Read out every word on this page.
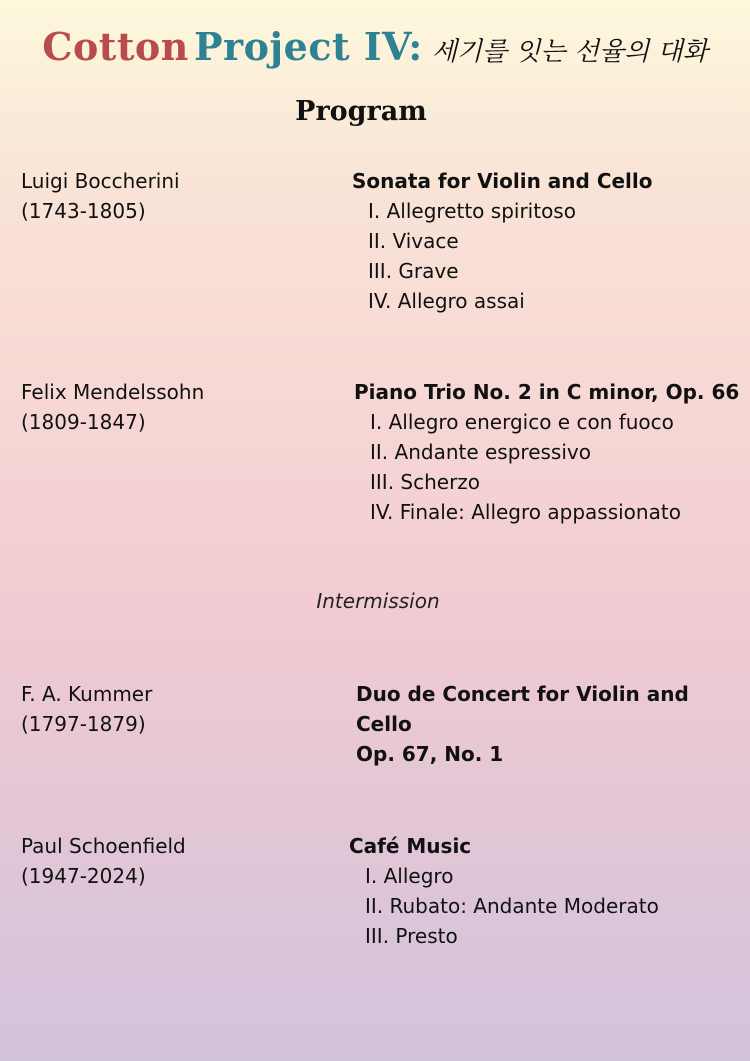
Cotton Project IV: 세기를 잇는 선율의 대화
Program
Luigi Boccherini
(1743-1805)
Sonata for Violin and Cello
I. Allegretto spiritoso
II. Vivace
III. Grave
IV. Allegro assai
Felix Mendelssohn
(1809-1847)
Piano Trio No. 2 in C minor, Op. 66
I. Allegro energico e con fuoco
II. Andante espressivo
III. Scherzo
IV. Finale: Allegro appassionato
Intermission
F. A. Kummer
(1797-1879)
Duo de Concert for Violin and Cello
Op. 67, No. 1
Paul Schoenfield
(1947-2024)
Café Music
I. Allegro
II. Rubato: Andante Moderato
III. Presto
